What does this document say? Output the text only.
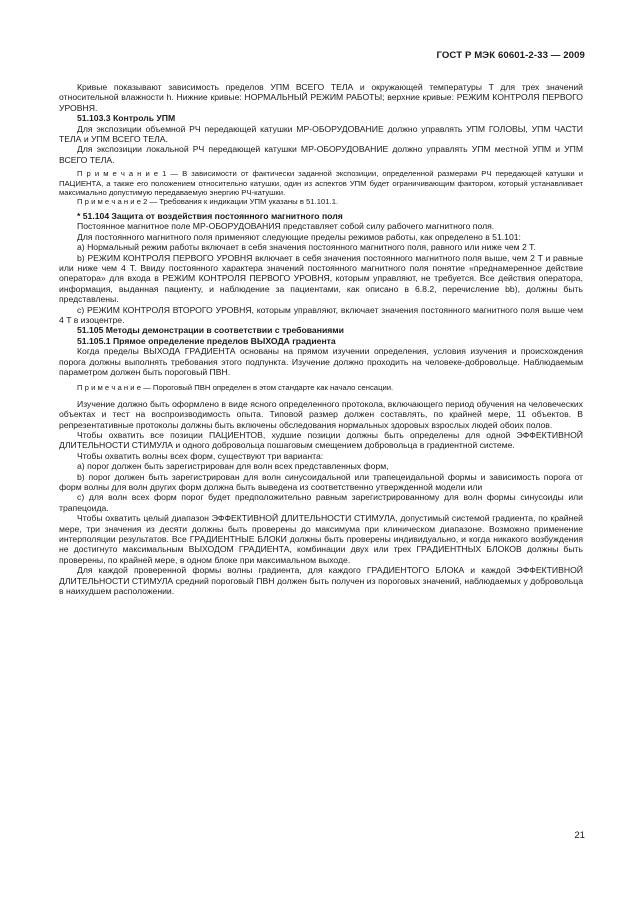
ГОСТ Р МЭК 60601-2-33 — 2009

Кривые показывают зависимость пределов УПМ ВСЕГО ТЕЛА и окружающей температуры T для трех значений относительной влажности h. Нижние кривые: НОРМАЛЬНЫЙ РЕЖИМ РАБОТЫ; верхние кривые: РЕЖИМ КОНТРОЛЯ ПЕРВОГО УРОВНЯ.

51.103.3 Контроль УПМ

Для экспозиции объемной РЧ передающей катушки МР-ОБОРУДОВАНИЕ должно управлять УПМ ГОЛОВЫ, УПМ ЧАСТИ ТЕЛА и УПМ ВСЕГО ТЕЛА.

Для экспозиции локальной РЧ передающей катушки МР-ОБОРУДОВАНИЕ должно управлять УПМ местной УПМ и УПМ ВСЕГО ТЕЛА.

П р и м е ч а н и е 1 — В зависимости от фактически заданной экспозиции, определенной размерами РЧ передающей катушки и ПАЦИЕНТА, а также его положением относительно катушки, один из аспектов УПМ будет ограничивающим фактором, который устанавливает максимально допустимую передаваемую энергию РЧ-катушки.

П р и м е ч а н и е 2 — Требования к индикации УПМ указаны в 51.101.1.

* 51.104 Защита от воздействия постоянного магнитного поля

Постоянное магнитное поле МР-ОБОРУДОВАНИЯ представляет собой силу рабочего магнитного поля.

Для постоянного магнитного поля применяют следующие пределы режимов работы, как определено в 51.101:

a) Нормальный режим работы включает в себя значения постоянного магнитного поля, равного или ниже чем 2 T.

b) РЕЖИМ КОНТРОЛЯ ПЕРВОГО УРОВНЯ включает в себя значения постоянного магнитного поля выше, чем 2 T и равные или ниже чем 4 T. Ввиду постоянного характера значений постоянного магнитного поля понятие «преднамеренное действие оператора» для входа в РЕЖИМ КОНТРОЛЯ ПЕРВОГО УРОВНЯ, которым управляют, не требуется. Все действия оператора, информация, выданная пациенту, и наблюдение за пациентами, как описано в 6.8.2, перечисление bb), должны быть представлены.

c) РЕЖИМ КОНТРОЛЯ ВТОРОГО УРОВНЯ, которым управляют, включает значения постоянного магнитного поля выше чем 4 T в изоцентре.

51.105 Методы демонстрации в соответствии с требованиями

51.105.1 Прямое определение пределов ВЫХОДА градиента

Когда пределы ВЫХОДА ГРАДИЕНТА основаны на прямом изучении определения, условия изучения и происхождения порога должны выполнять требования этого подпункта. Изучение должно проходить на человеке-добровольце. Наблюдаемым параметром должен быть пороговый ПВН.

П р и м е ч а н и е — Пороговый ПВН определен в этом стандарте как начало сенсации.

Изучение должно быть оформлено в виде ясного определенного протокола, включающего период обучения на человеческих объектах и тест на воспроизводимость опыта. Типовой размер должен составлять, по крайней мере, 11 объектов. В репрезентативные протоколы должны быть включены обследования нормальных здоровых взрослых людей обоих полов.

Чтобы охватить все позиции ПАЦИЕНТОВ, худшие позиции должны быть определены для одной ЭФФЕКТИВНОЙ ДЛИТЕЛЬНОСТИ СТИМУЛА и одного добровольца пошаговым смещением добровольца в градиентной системе.

Чтобы охватить волны всех форм, существуют три варианта:

a) порог должен быть зарегистрирован для волн всех представленных форм,

b) порог должен быть зарегистрирован для волн синусоидальной или трапецеидальной формы и зависимость порога от форм волны для волн других форм должна быть выведена из соответственно утвержденной модели или

c) для волн всех форм порог будет предположительно равным зарегистрированному для волн формы синусоиды или трапецоида.

Чтобы охватить целый диапазон ЭФФЕКТИВНОЙ ДЛИТЕЛЬНОСТИ СТИМУЛА, допустимый системой градиента, по крайней мере, три значения из десяти должны быть проверены до максимума при клиническом диапазоне. Возможно применение интерполяции результатов. Все ГРАДИЕНТНЫЕ БЛОКИ должны быть проверены индивидуально, и когда никакого возбуждения не достигнуто максимальным ВЫХОДОМ ГРАДИЕНТА, комбинации двух или трех ГРАДИЕНТНЫХ БЛОКОВ должны быть проверены, по крайней мере, в одном блоке при максимальном выходе.

Для каждой проверенной формы волны градиента, для каждого ГРАДИЕНТОГО БЛОКА и каждой ЭФФЕКТИВНОЙ ДЛИТЕЛЬНОСТИ СТИМУЛА средний пороговый ПВН должен быть получен из пороговых значений, наблюдаемых у добровольца в наихудшем расположении.

21
